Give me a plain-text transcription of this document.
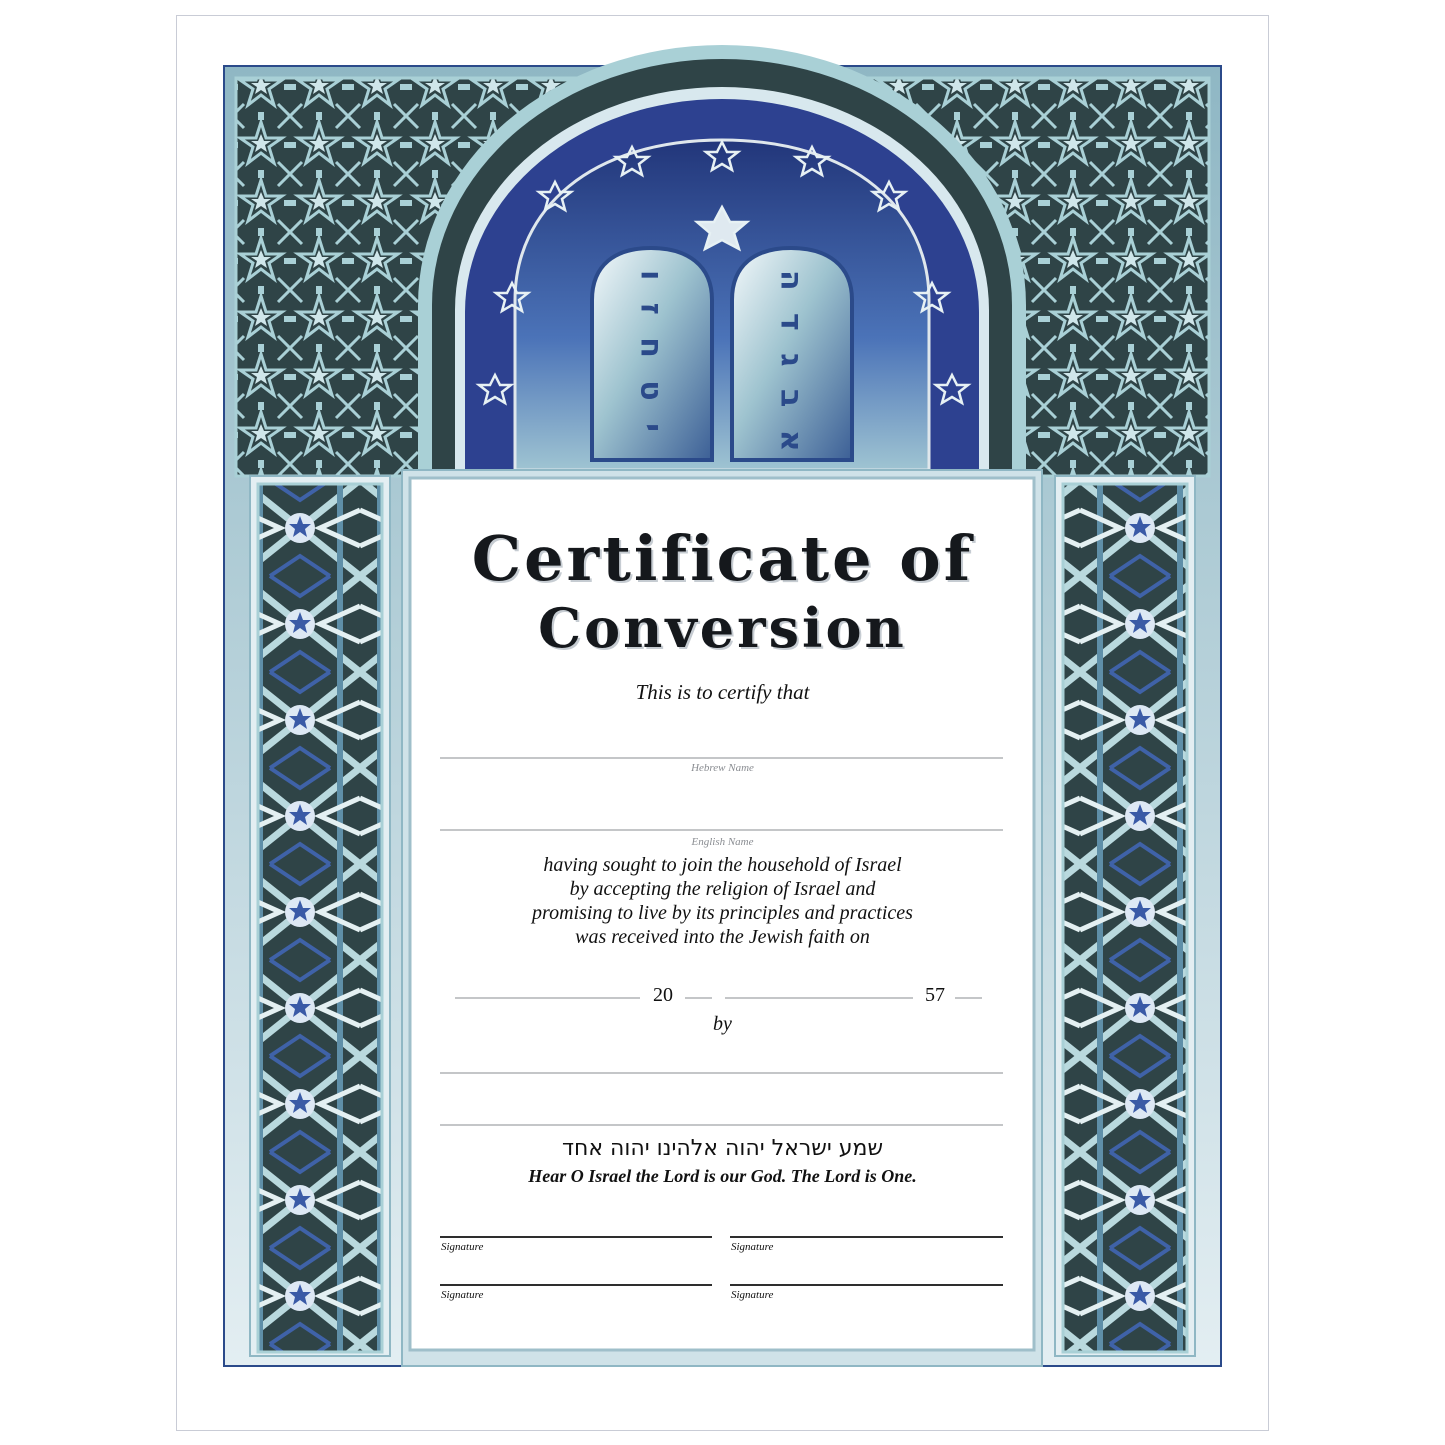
י ט ח ז ו	א ב ג ד ה
Certificate of
Conversion
This is to certify that
Hebrew Name
English Name
having sought to join the household of Israel
by accepting the religion of Israel and
promising to live by its principles and practices
was received into the Jewish faith on
20	57
by
שמע ישראל יהוה אלהינו יהוה אחד
Hear O Israel the Lord is our God. The Lord is One.
Signature	Signature
Signature	Signature
